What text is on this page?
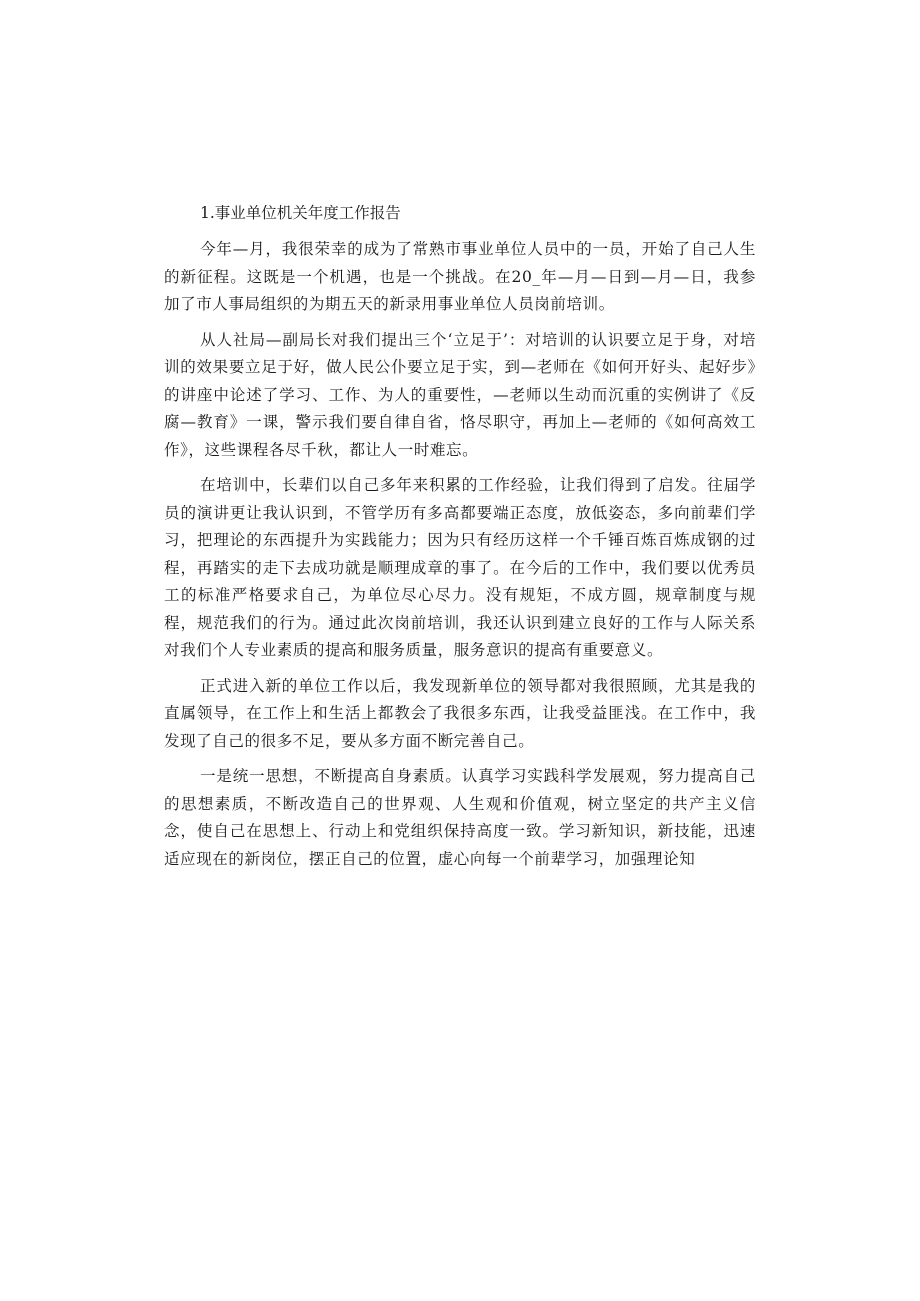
1.事业单位机关年度工作报告

今年—月，我很荣幸的成为了常熟市事业单位人员中的一员，开始了自己人生的新征程。这既是一个机遇，也是一个挑战。在20_年—月—日到—月—日，我参加了市人事局组织的为期五天的新录用事业单位人员岗前培训。

从人社局—副局长对我们提出三个‘立足于’：对培训的认识要立足于身，对培训的效果要立足于好，做人民公仆要立足于实，到—老师在《如何开好头、起好步》的讲座中论述了学习、工作、为人的重要性，—老师以生动而沉重的实例讲了《反腐—教育》一课，警示我们要自律自省，恪尽职守，再加上—老师的《如何高效工作》，这些课程各尽千秋，都让人一时难忘。

在培训中，长辈们以自己多年来积累的工作经验，让我们得到了启发。往届学员的演讲更让我认识到，不管学历有多高都要端正态度，放低姿态，多向前辈们学习，把理论的东西提升为实践能力；因为只有经历这样一个千锤百炼百炼成钢的过程，再踏实的走下去成功就是顺理成章的事了。在今后的工作中，我们要以优秀员工的标准严格要求自己，为单位尽心尽力。没有规矩，不成方圆，规章制度与规程，规范我们的行为。通过此次岗前培训，我还认识到建立良好的工作与人际关系对我们个人专业素质的提高和服务质量，服务意识的提高有重要意义。

正式进入新的单位工作以后，我发现新单位的领导都对我很照顾，尤其是我的直属领导，在工作上和生活上都教会了我很多东西，让我受益匪浅。在工作中，我发现了自己的很多不足，要从多方面不断完善自己。

一是统一思想，不断提高自身素质。认真学习实践科学发展观，努力提高自己的思想素质，不断改造自己的世界观、人生观和价值观，树立坚定的共产主义信念，使自己在思想上、行动上和党组织保持高度一致。学习新知识，新技能，迅速适应现在的新岗位，摆正自己的位置，虚心向每一个前辈学习，加强理论知
